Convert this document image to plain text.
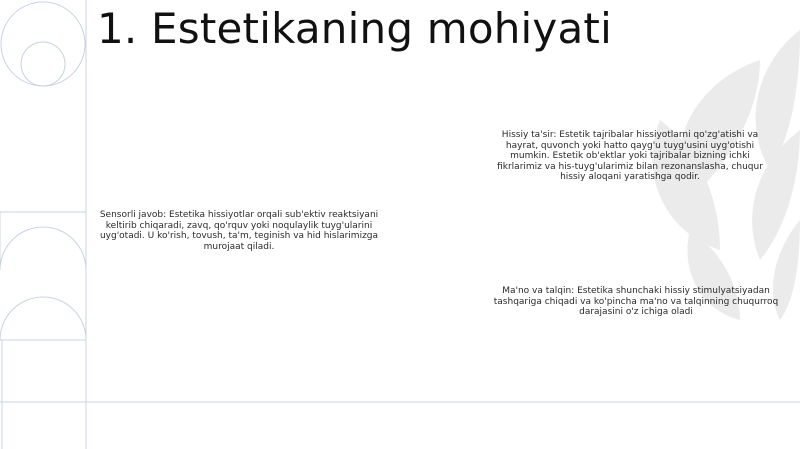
1. Estetikaning mohiyati
Hissiy ta'sir: Estetik tajribalar hissiyotlarni qo'zg'atishi va hayrat, quvonch yoki hatto qayg'u tuyg'usini uyg'otishi mumkin. Estetik ob'ektlar yoki tajribalar bizning ichki fikrlarimiz va his-tuyg'ularimiz bilan rezonanslasha, chuqur hissiy aloqani yaratishga qodir.
Sensorli javob: Estetika hissiyotlar orqali sub'ektiv reaktsiyani keltirib chiqaradi, zavq, qo'rquv yoki noqulaylik tuyg'ularini uyg'otadi. U ko'rish, tovush, ta'm, teginish va hid hislarimizga murojaat qiladi.
Ma'no va talqin: Estetika shunchaki hissiy stimulyatsiyadan tashqariga chiqadi va ko'pincha ma'no va talqinning chuqurroq darajasini o'z ichiga oladi
